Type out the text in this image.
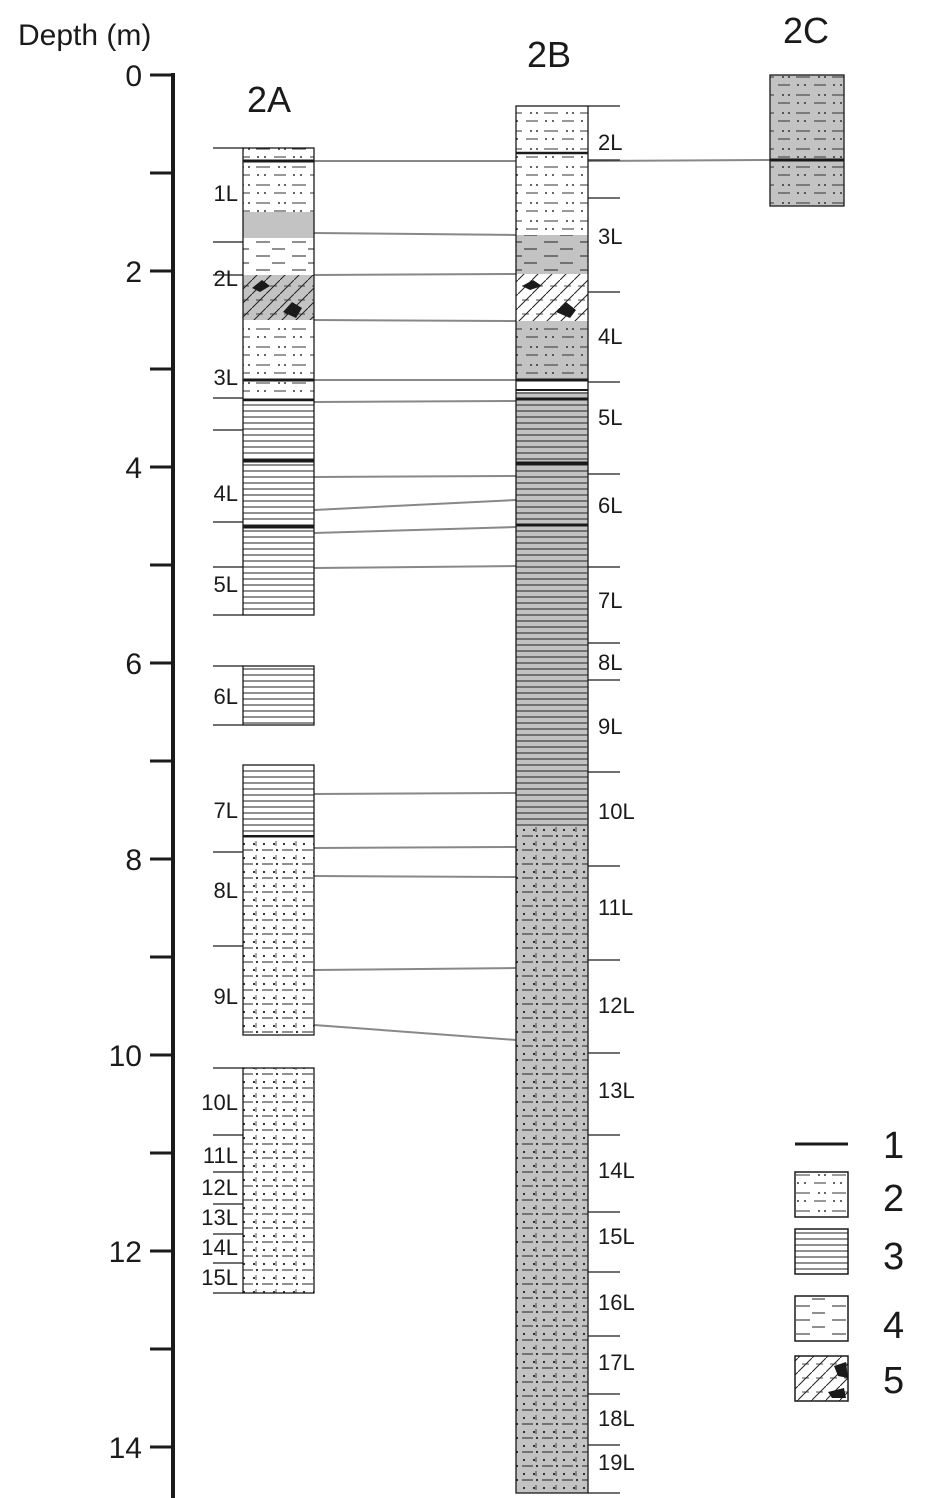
Depth (m)
0
2
4
6
8
10
12
14
2A
2B
2C
1L
2L
3L
4L
5L
6L
7L
8L
9L
10L
11L
12L
13L
14L
15L
2L
3L
4L
5L
6L
7L
8L
9L
10L
11L
12L
13L
14L
15L
16L
17L
18L
19L
1
2
3
4
5
